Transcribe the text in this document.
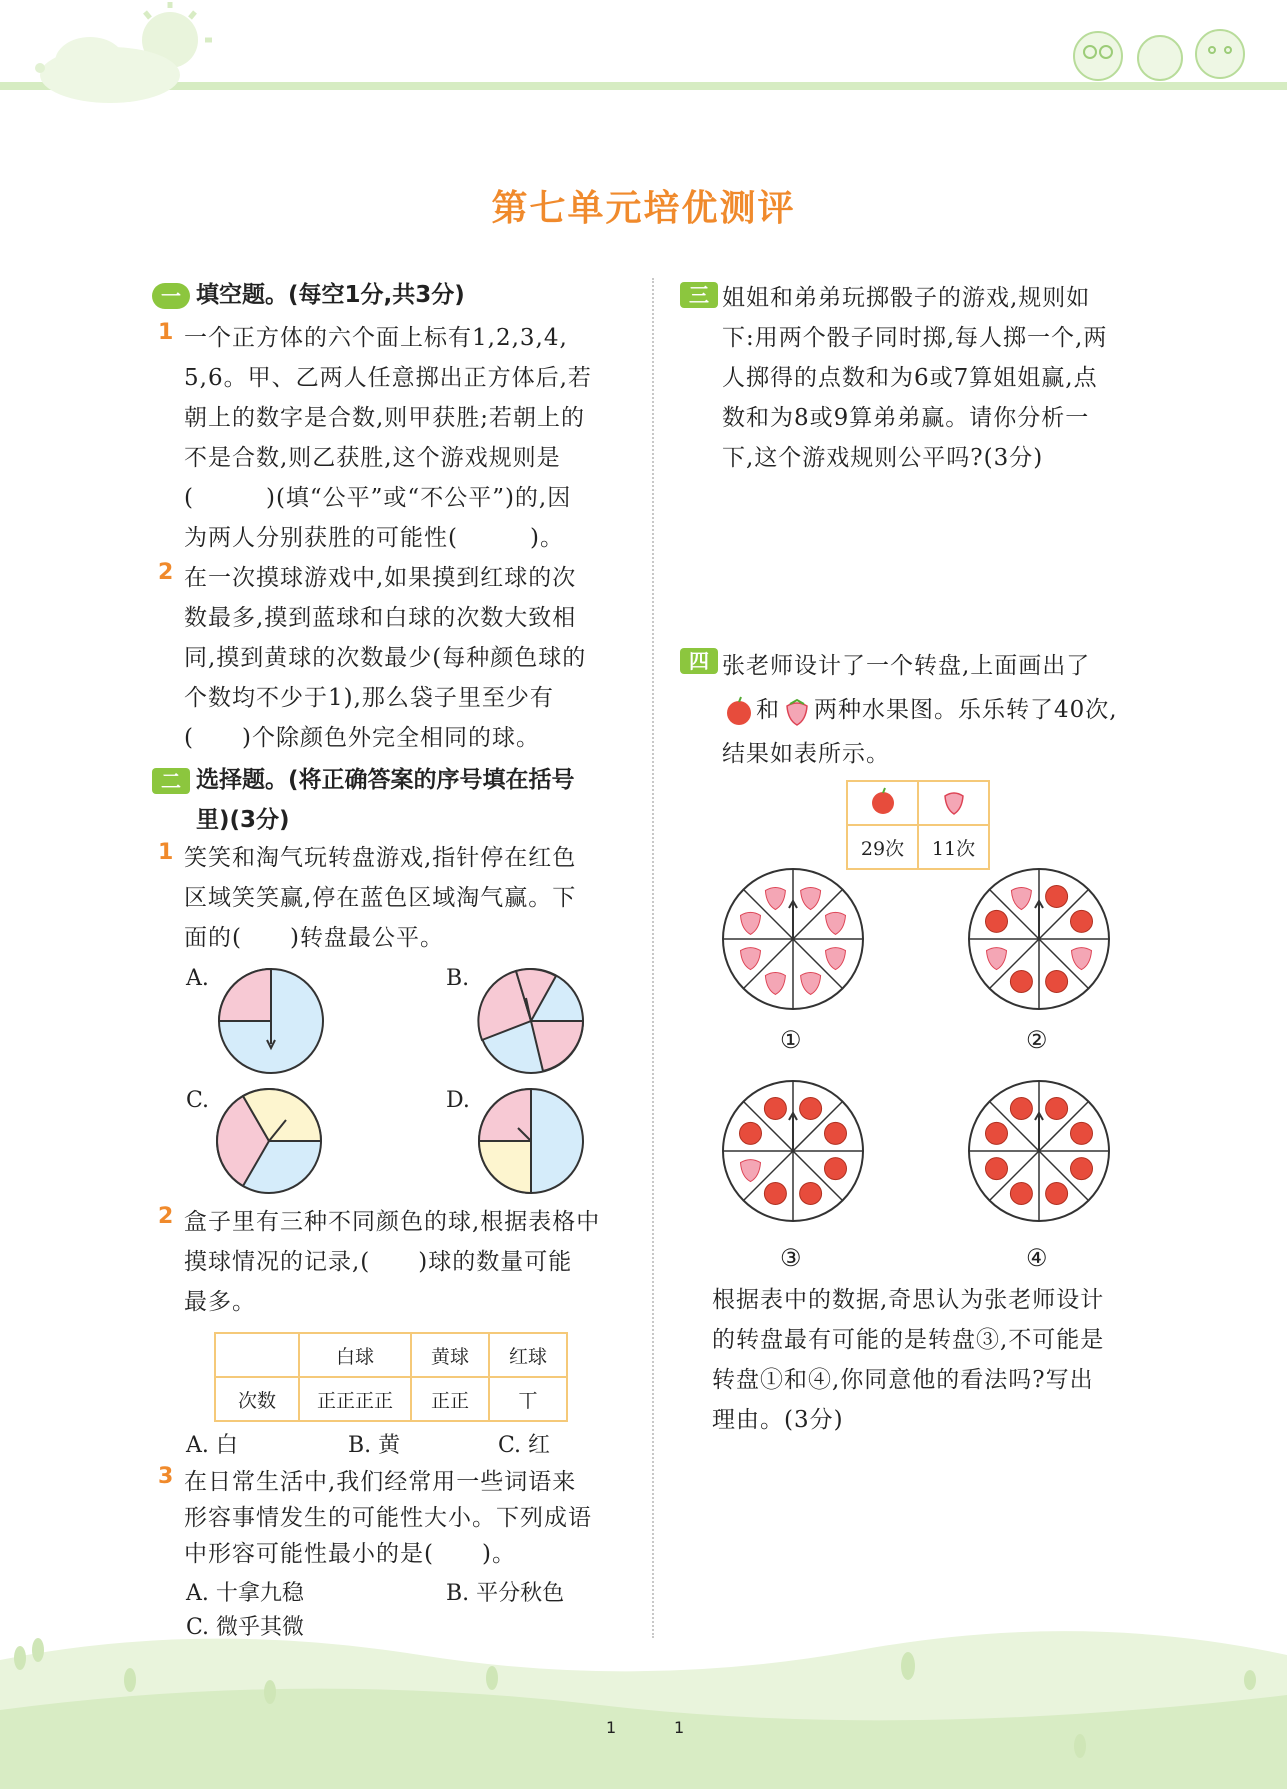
第七单元培优测评
一 填空题。(每空1分,共3分)
1 一个正方体的六个面上标有1,2,3,4,
5,6。甲、乙两人任意掷出正方体后,若
朝上的数字是合数,则甲获胜;若朝上的
不是合数,则乙获胜,这个游戏规则是
(　　　)(填“公平”或“不公平”)的,因
为两人分别获胜的可能性(　　　)。
2 在一次摸球游戏中,如果摸到红球的次
数最多,摸到蓝球和白球的次数大致相
同,摸到黄球的次数最少(每种颜色球的
个数均不少于1),那么袋子里至少有
(　　)个除颜色外完全相同的球。
二 选择题。(将正确答案的序号填在括号
里)(3分)
1 笑笑和淘气玩转盘游戏,指针停在红色
区域笑笑赢,停在蓝色区域淘气赢。下
面的(　　)转盘最公平。
A.	B.
C.	D.
2 盒子里有三种不同颜色的球,根据表格中
摸球情况的记录,(　　)球的数量可能
最多。
	白球	黄球	红球
次数	正正正正	正正	丅
A. 白	B. 黄	C. 红
3 在日常生活中,我们经常用一些词语来
形容事情发生的可能性大小。下列成语
中形容可能性最小的是(　　)。
A. 十拿九稳	B. 平分秋色
C. 微乎其微
三 姐姐和弟弟玩掷骰子的游戏,规则如
下:用两个骰子同时掷,每人掷一个,两
人掷得的点数和为6或7算姐姐赢,点
数和为8或9算弟弟赢。请你分析一
下,这个游戏规则公平吗?(3分)
四 张老师设计了一个转盘,上面画出了
和 两种水果图。乐乐转了40次,
结果如表所示。

29次	11次
①	②
③	④
根据表中的数据,奇思认为张老师设计
的转盘最有可能的是转盘③,不可能是
转盘①和④,你同意他的看法吗?写出
理由。(3分)
1	1
